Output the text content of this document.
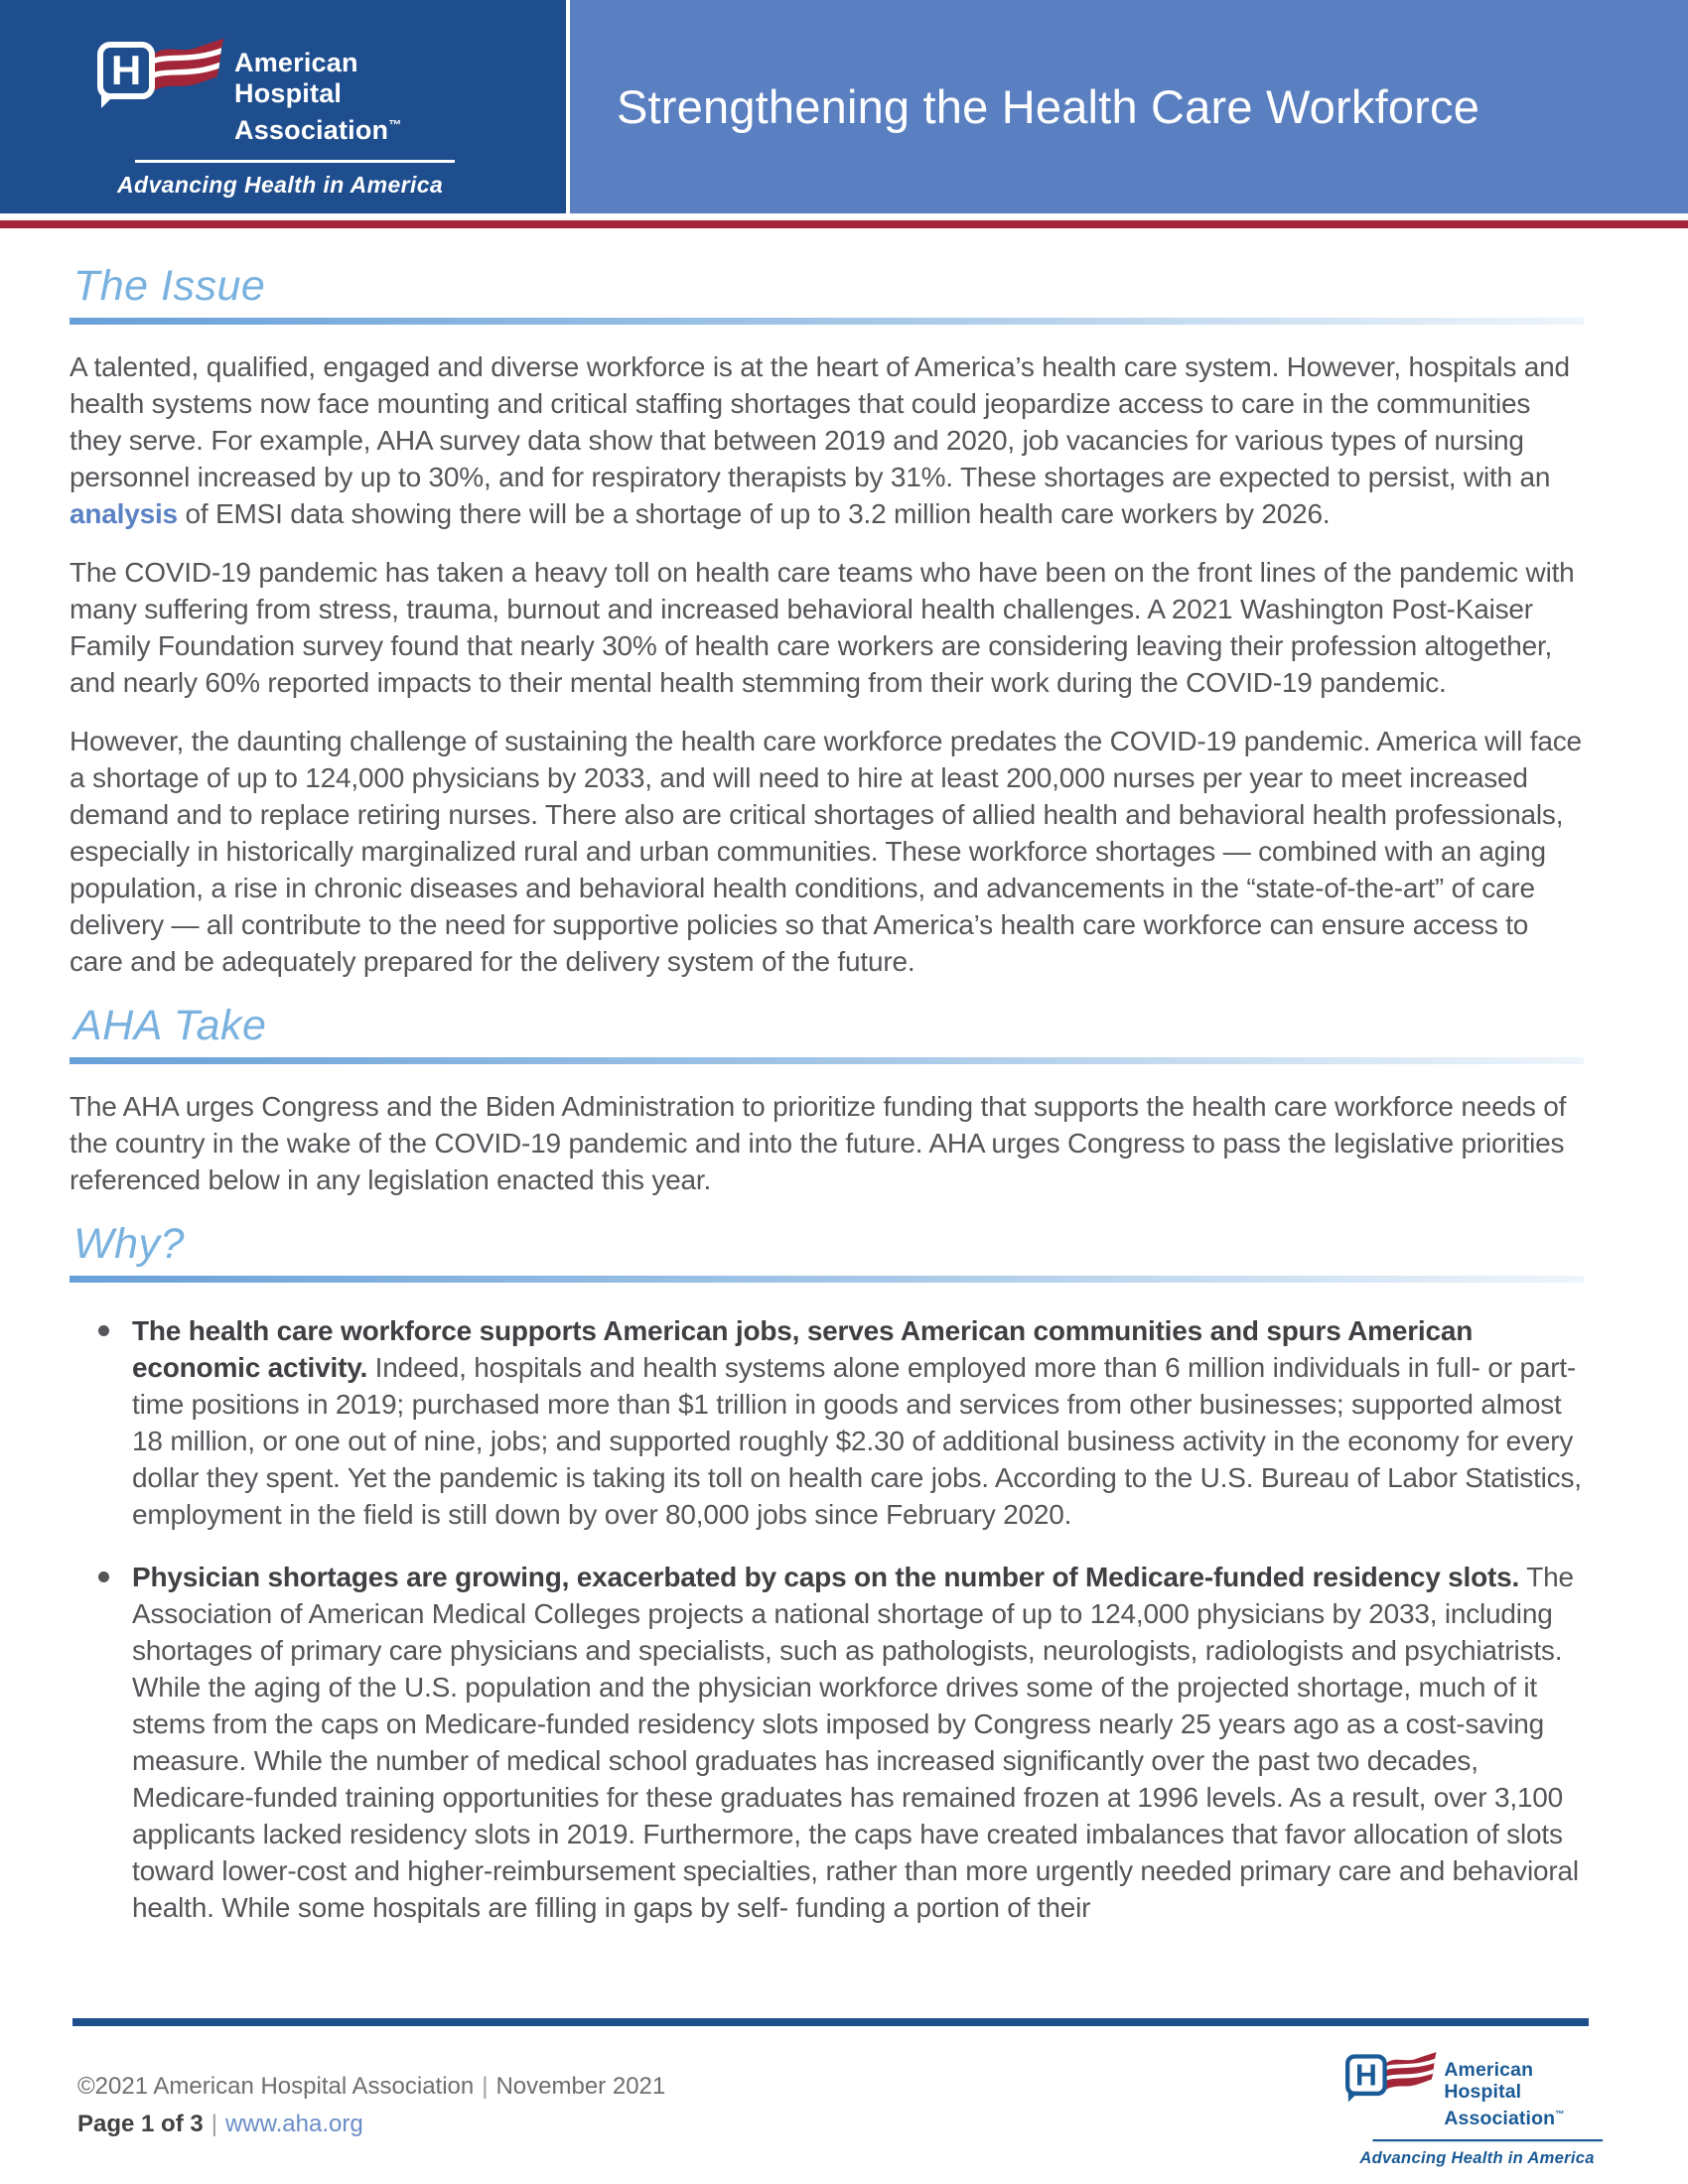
H	American Hospital
Association™
Advancing Health in America
Strengthening the Health Care Workforce
The Issue

A talented, qualified, engaged and diverse workforce is at the heart of America’s health care system. However, hospitals and health systems now face mounting and critical staffing shortages that could jeopardize access to care in the communities they serve. For example, AHA survey data show that between 2019 and 2020, job vacancies for various types of nursing personnel increased by up to 30%, and for respiratory therapists by 31%. These shortages are expected to persist, with an analysis of EMSI data showing there will be a shortage of up to 3.2 million health care workers by 2026.

The COVID-19 pandemic has taken a heavy toll on health care teams who have been on the front lines of the pandemic with many suffering from stress, trauma, burnout and increased behavioral health challenges. A 2021 Washington Post-Kaiser Family Foundation survey found that nearly 30% of health care workers are considering leaving their profession altogether, and nearly 60% reported impacts to their mental health stemming from their work during the COVID-19 pandemic.

However, the daunting challenge of sustaining the health care workforce predates the COVID-19 pandemic. America will face a shortage of up to 124,000 physicians by 2033, and will need to hire at least 200,000 nurses per year to meet increased demand and to replace retiring nurses. There also are critical shortages of allied health and behavioral health professionals, especially in historically marginalized rural and urban communities. These workforce shortages — combined with an aging population, a rise in chronic diseases and behavioral health conditions, and advancements in the “state-of-the-art” of care delivery — all contribute to the need for supportive policies so that America’s health care workforce can ensure access to care and be adequately prepared for the delivery system of the future.

AHA Take

The AHA urges Congress and the Biden Administration to prioritize funding that supports the health care workforce needs of the country in the wake of the COVID-19 pandemic and into the future. AHA urges Congress to pass the legislative priorities referenced below in any legislation enacted this year.

Why?
The health care workforce supports American jobs, serves American communities and spurs American economic activity. Indeed, hospitals and health systems alone employed more than 6 million individuals in full- or part-time positions in 2019; purchased more than $1 trillion in goods and services from other businesses; supported almost 18 million, or one out of nine, jobs; and supported roughly $2.30 of additional business activity in the economy for every dollar they spent. Yet the pandemic is taking its toll on health care jobs. According to the U.S. Bureau of Labor Statistics, employment in the field is still down by over 80,000 jobs since February 2020.
Physician shortages are growing, exacerbated by caps on the number of Medicare-funded residency slots. The Association of American Medical Colleges projects a national shortage of up to 124,000 physicians by 2033, including shortages of primary care physicians and specialists, such as pathologists, neurologists, radiologists and psychiatrists. While the aging of the U.S. population and the physician workforce drives some of the projected shortage, much of it stems from the caps on Medicare-funded residency slots imposed by Congress nearly 25 years ago as a cost-saving measure. While the number of medical school graduates has increased significantly over the past two decades, Medicare-funded training opportunities for these graduates has remained frozen at 1996 levels. As a result, over 3,100 applicants lacked residency slots in 2019. Furthermore, the caps have created imbalances that favor allocation of slots toward lower-cost and higher-reimbursement specialties, rather than more urgently needed primary care and behavioral health. While some hospitals are filling in gaps by self- funding a portion of their
©2021 American Hospital Association | November 2021
Page 1 of 3 | www.aha.org
H	American Hospital
Association™
Advancing Health in America
